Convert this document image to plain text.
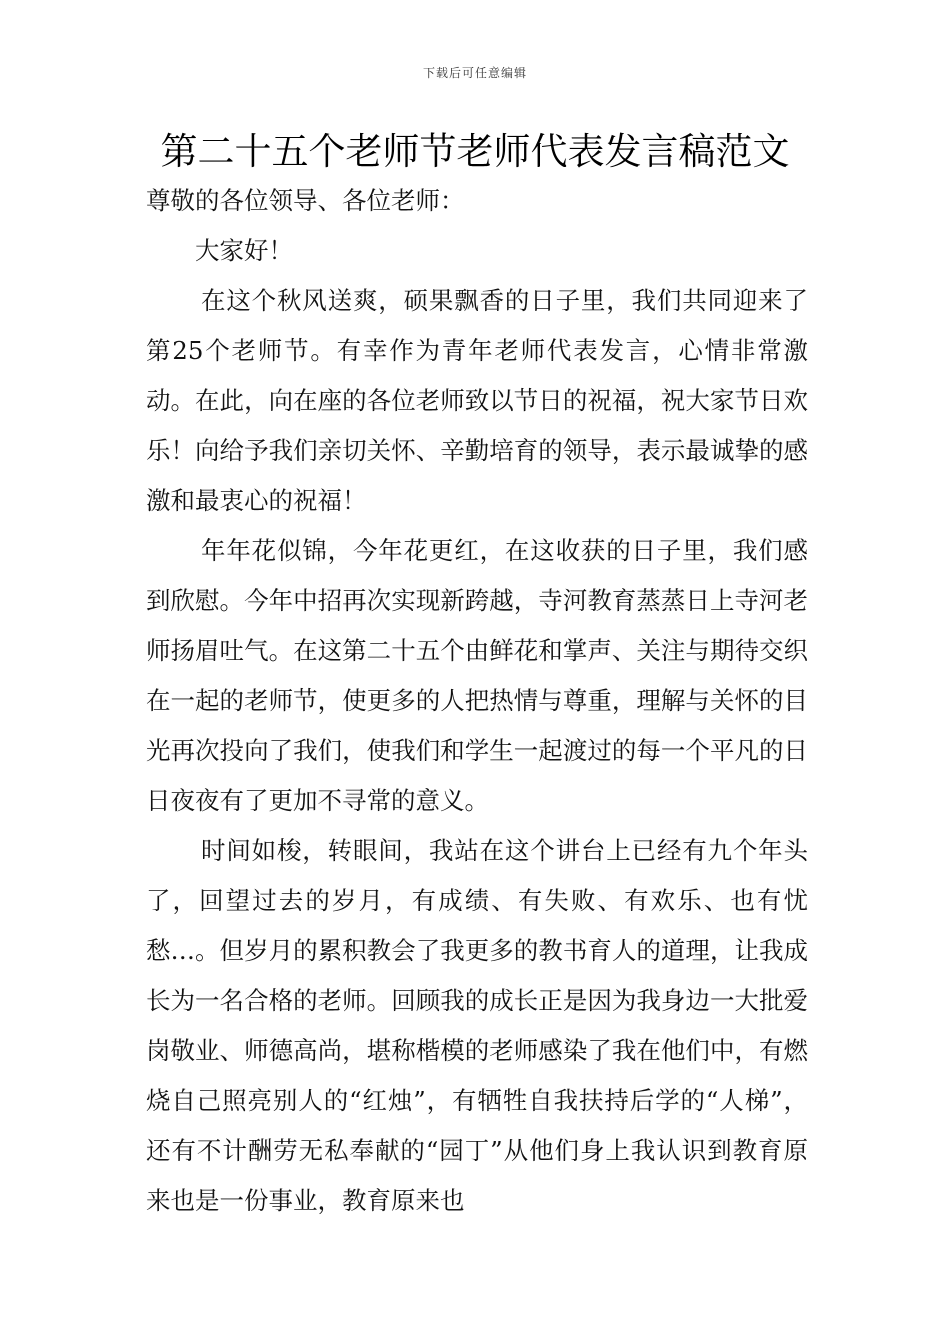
下载后可任意编辑
第二十五个老师节老师代表发言稿范文

尊敬的各位领导、各位老师：

大家好！

在这个秋风送爽，硕果飘香的日子里，我们共同迎来了第25个老师节。有幸作为青年老师代表发言，心情非常激动。在此，向在座的各位老师致以节日的祝福，祝大家节日欢乐！向给予我们亲切关怀、辛勤培育的领导，表示最诚挚的感激和最衷心的祝福！

年年花似锦，今年花更红，在这收获的日子里，我们感到欣慰。今年中招再次实现新跨越，寺河教育蒸蒸日上寺河老师扬眉吐气。在这第二十五个由鲜花和掌声、关注与期待交织在一起的老师节，使更多的人把热情与尊重，理解与关怀的目光再次投向了我们，使我们和学生一起渡过的每一个平凡的日日夜夜有了更加不寻常的意义。

时间如梭，转眼间，我站在这个讲台上已经有九个年头了，回望过去的岁月，有成绩、有失败、有欢乐、也有忧愁…。但岁月的累积教会了我更多的教书育人的道理，让我成长为一名合格的老师。回顾我的成长正是因为我身边一大批爱岗敬业、师德高尚，堪称楷模的老师感染了我在他们中，有燃烧自己照亮别人的“红烛”，有牺牲自我扶持后学的“人梯”，还有不计酬劳无私奉献的“园丁”从他们身上我认识到教育原来也是一份事业，教育原来也
